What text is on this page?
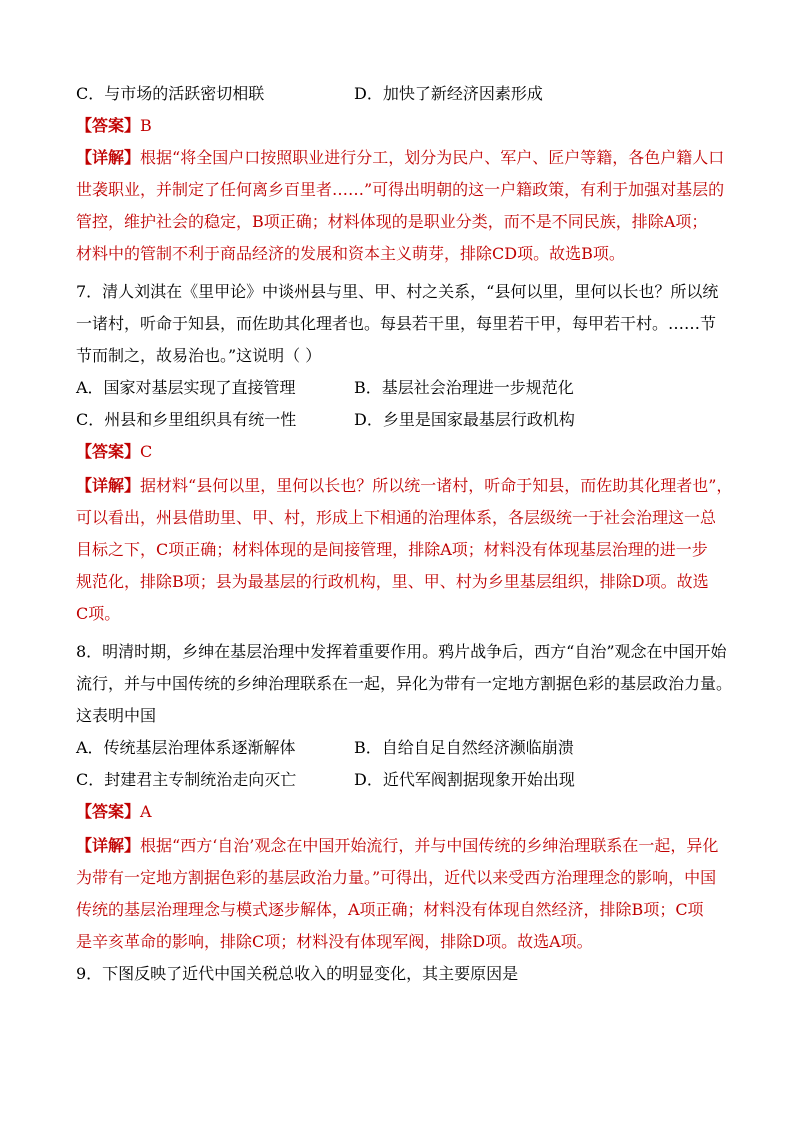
C．与市场的活跃密切相联	D．加快了新经济因素形成
【答案】B
【详解】根据“将全国户口按照职业进行分工，划分为民户、军户、匠户等籍，各色户籍人口
世袭职业，并制定了任何离乡百里者……”可得出明朝的这一户籍政策，有利于加强对基层的
管控，维护社会的稳定，B项正确；材料体现的是职业分类，而不是不同民族，排除A项；
材料中的管制不利于商品经济的发展和资本主义萌芽，排除CD项。故选B项。
7．清人刘淇在《里甲论》中谈州县与里、甲、村之关系，“县何以里，里何以长也？所以统
一诸村，听命于知县，而佐助其化理者也。每县若干里，每里若干甲，每甲若干村。……节
节而制之，故易治也。”这说明（ ）
A．国家对基层实现了直接管理	B．基层社会治理进一步规范化
C．州县和乡里组织具有统一性	D．乡里是国家最基层行政机构
【答案】C
【详解】据材料“县何以里，里何以长也？所以统一诸村，听命于知县，而佐助其化理者也”，
可以看出，州县借助里、甲、村，形成上下相通的治理体系，各层级统一于社会治理这一总
目标之下，C项正确；材料体现的是间接管理，排除A项；材料没有体现基层治理的进一步
规范化，排除B项；县为最基层的行政机构，里、甲、村为乡里基层组织，排除D项。故选
C项。
8．明清时期，乡绅在基层治理中发挥着重要作用。鸦片战争后，西方“自治”观念在中国开始
流行，并与中国传统的乡绅治理联系在一起，异化为带有一定地方割据色彩的基层政治力量。
这表明中国
A．传统基层治理体系逐渐解体	B．自给自足自然经济濒临崩溃
C．封建君主专制统治走向灭亡	D．近代军阀割据现象开始出现
【答案】A
【详解】根据“西方‘自治’观念在中国开始流行，并与中国传统的乡绅治理联系在一起，异化
为带有一定地方割据色彩的基层政治力量。”可得出，近代以来受西方治理理念的影响，中国
传统的基层治理理念与模式逐步解体，A项正确；材料没有体现自然经济，排除B项；C项
是辛亥革命的影响，排除C项；材料没有体现军阀，排除D项。故选A项。
9．下图反映了近代中国关税总收入的明显变化，其主要原因是
